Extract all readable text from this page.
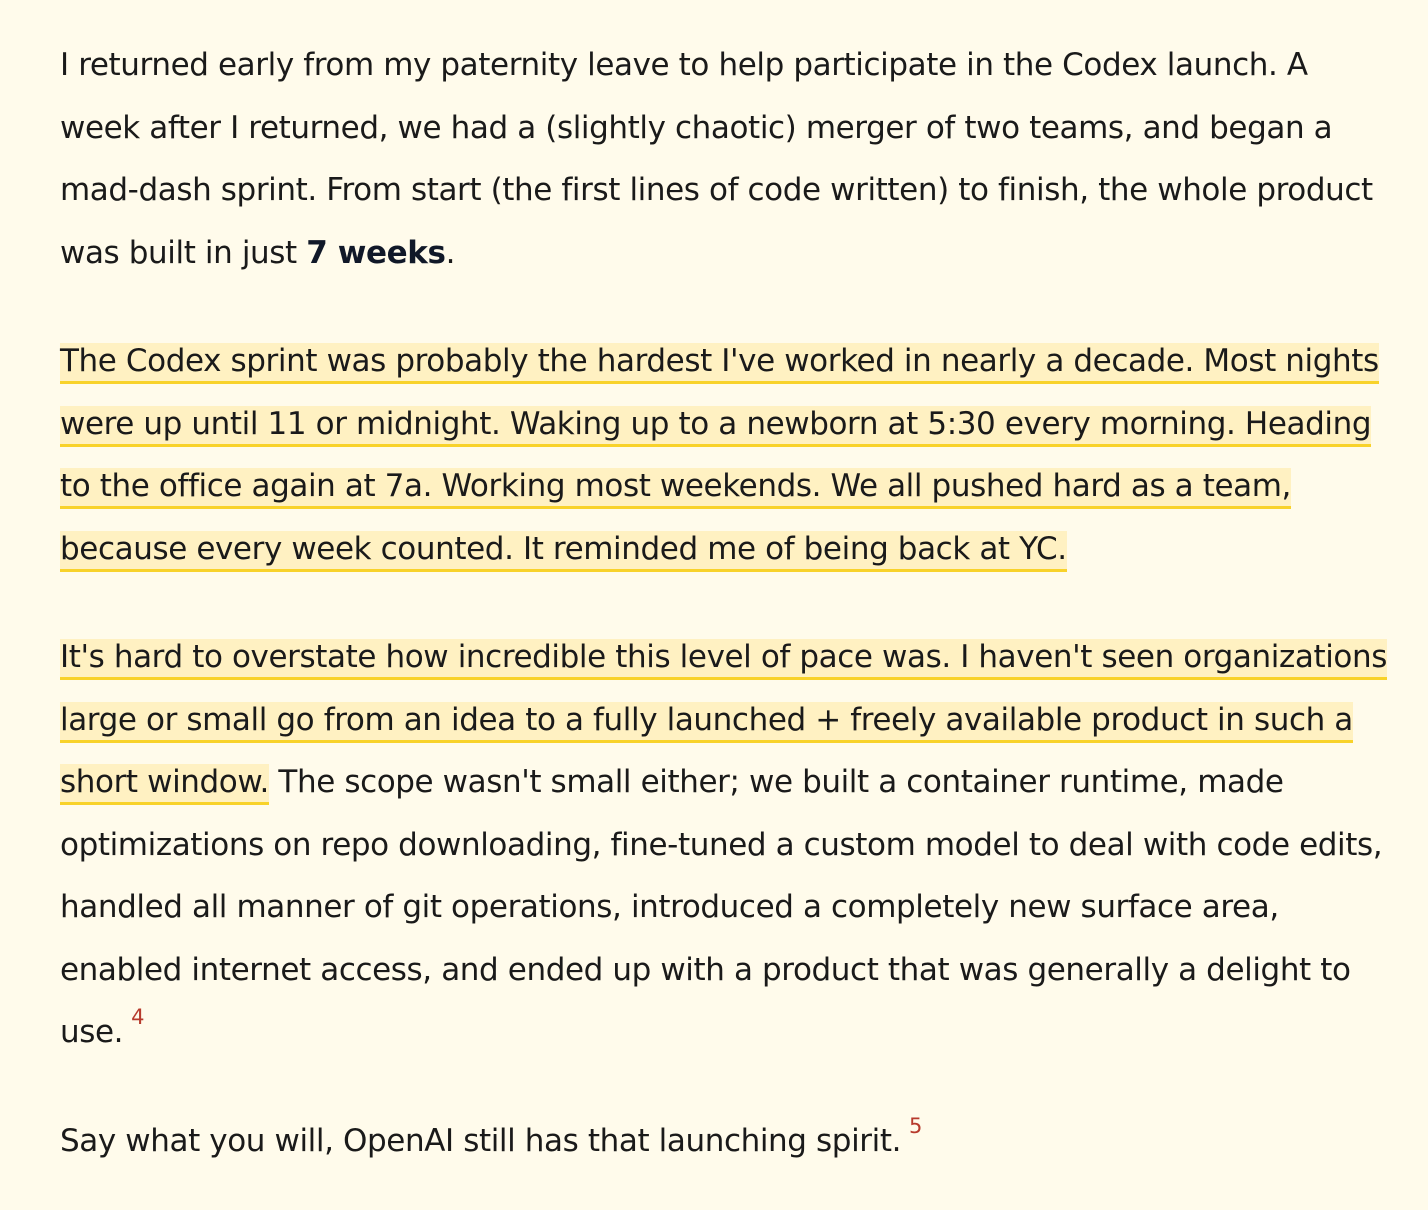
I returned early from my paternity leave to help participate in the Codex launch. A week after I returned, we had a (slightly chaotic) merger of two teams, and began a mad-dash sprint. From start (the first lines of code written) to finish, the whole product was built in just 7 weeks.

The Codex sprint was probably the hardest I've worked in nearly a decade. Most nights were up until 11 or midnight. Waking up to a newborn at 5:30 every morning. Heading to the office again at 7a. Working most weekends. We all pushed hard as a team, because every week counted. It reminded me of being back at YC.

It's hard to overstate how incredible this level of pace was. I haven't seen organizations large or small go from an idea to a fully launched + freely available product in such a short window. The scope wasn't small either; we built a container runtime, made optimizations on repo downloading, fine-tuned a custom model to deal with code edits, handled all manner of git operations, introduced a completely new surface area, enabled internet access, and ended up with a product that was generally a delight to use. $^4$

Say what you will, OpenAI still has that launching spirit. $^5$
